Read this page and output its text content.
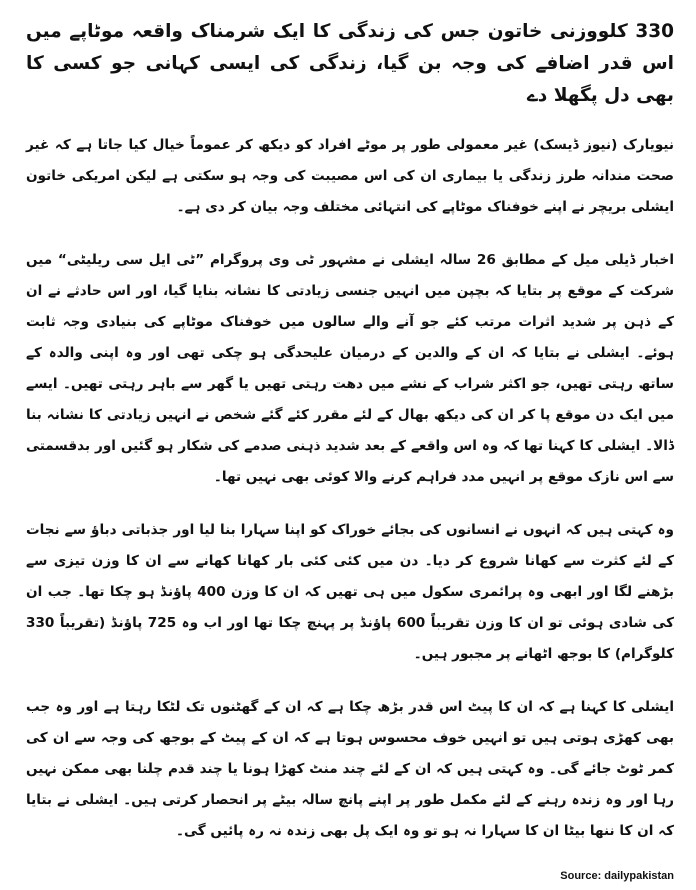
330 کلووزنی خاتون جس کی زندگی کا ایک شرمناک واقعہ موٹاپے میں اس قدر اضافے کی وجہ بن گیا، زندگی کی ایسی کہانی جو کسی کا بھی دل پگھلا دے

نیویارک (نیوز ڈیسک) غیر معمولی طور پر موٹے افراد کو دیکھ کر عموماً خیال کیا جاتا ہے کہ غیر صحت مندانہ طرز زندگی یا بیماری ان کی اس مصیبت کی وجہ ہو سکتی ہے لیکن امریکی خاتون ایشلی بریچر نے اپنے خوفناک موٹاپے کی انتہائی مختلف وجہ بیان کر دی ہے۔

اخبار ڈیلی میل کے مطابق 26 سالہ ایشلی نے مشہور ٹی وی پروگرام ”ٹی ایل سی ریلیٹی“ میں شرکت کے موقع پر بتایا کہ بچپن میں انہیں جنسی زیادتی کا نشانہ بنایا گیا، اور اس حادثے نے ان کے ذہن پر شدید اثرات مرتب کئے جو آنے والے سالوں میں خوفناک موٹاپے کی بنیادی وجہ ثابت ہوئے۔ ایشلی نے بتایا کہ ان کے والدین کے درمیان علیحدگی ہو چکی تھی اور وہ اپنی والدہ کے ساتھ رہتی تھیں، جو اکثر شراب کے نشے میں دھت رہتی تھیں یا گھر سے باہر رہتی تھیں۔ ایسے میں ایک دن موقع پا کر ان کی دیکھ بھال کے لئے مقرر کئے گئے شخص نے انہیں زیادتی کا نشانہ بنا ڈالا۔ ایشلی کا کہنا تھا کہ وہ اس واقعے کے بعد شدید ذہنی صدمے کی شکار ہو گئیں اور بدقسمتی سے اس نازک موقع پر انہیں مدد فراہم کرنے والا کوئی بھی نہیں تھا۔

وہ کہتی ہیں کہ انہوں نے انسانوں کی بجائے خوراک کو اپنا سہارا بنا لیا اور جذباتی دباؤ سے نجات کے لئے کثرت سے کھانا شروع کر دیا۔ دن میں کئی کئی بار کھانا کھانے سے ان کا وزن تیزی سے بڑھنے لگا اور ابھی وہ پرائمری سکول میں ہی تھیں کہ ان کا وزن 400 پاؤنڈ ہو چکا تھا۔ جب ان کی شادی ہوئی تو ان کا وزن تقریباً 600 پاؤنڈ پر پہنچ چکا تھا اور اب وہ 725 پاؤنڈ (تقریباً 330 کلوگرام) کا بوجھ اٹھانے پر مجبور ہیں۔

ایشلی کا کہنا ہے کہ ان کا پیٹ اس قدر بڑھ چکا ہے کہ ان کے گھٹنوں تک لٹکا رہتا ہے اور وہ جب بھی کھڑی ہوتی ہیں تو انہیں خوف محسوس ہوتا ہے کہ ان کے پیٹ کے بوجھ کی وجہ سے ان کی کمر ٹوٹ جائے گی۔ وہ کہتی ہیں کہ ان کے لئے چند منٹ کھڑا ہونا یا چند قدم چلنا بھی ممکن نہیں رہا اور وہ زندہ رہنے کے لئے مکمل طور پر اپنے پانچ سالہ بیٹے پر انحصار کرتی ہیں۔ ایشلی نے بتایا کہ ان کا ننھا بیٹا ان کا سہارا نہ ہو تو وہ ایک پل بھی زندہ نہ رہ پائیں گی۔

Source: dailypakistan
